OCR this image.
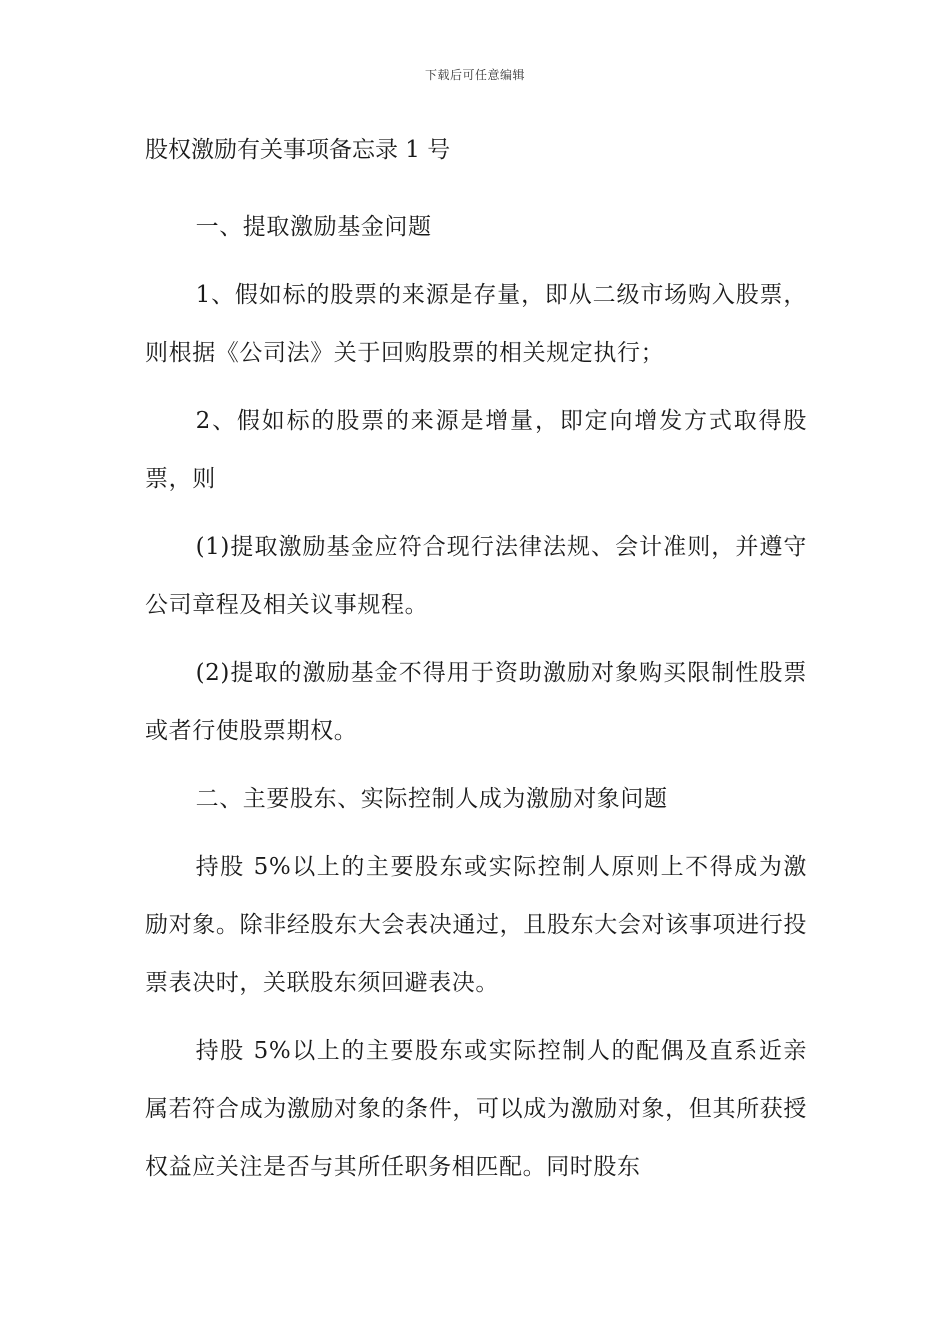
下载后可任意编辑
股权激励有关事项备忘录 1 号

一、提取激励基金问题

1、假如标的股票的来源是存量，即从二级市场购入股票，则根据《公司法》关于回购股票的相关规定执行；

2、假如标的股票的来源是增量，即定向增发方式取得股票，则

(1)提取激励基金应符合现行法律法规、会计准则，并遵守公司章程及相关议事规程。

(2)提取的激励基金不得用于资助激励对象购买限制性股票或者行使股票期权。

二、主要股东、实际控制人成为激励对象问题

持股 5%以上的主要股东或实际控制人原则上不得成为激励对象。除非经股东大会表决通过，且股东大会对该事项进行投票表决时，关联股东须回避表决。

持股 5%以上的主要股东或实际控制人的配偶及直系近亲属若符合成为激励对象的条件，可以成为激励对象，但其所获授权益应关注是否与其所任职务相匹配。同时股东
